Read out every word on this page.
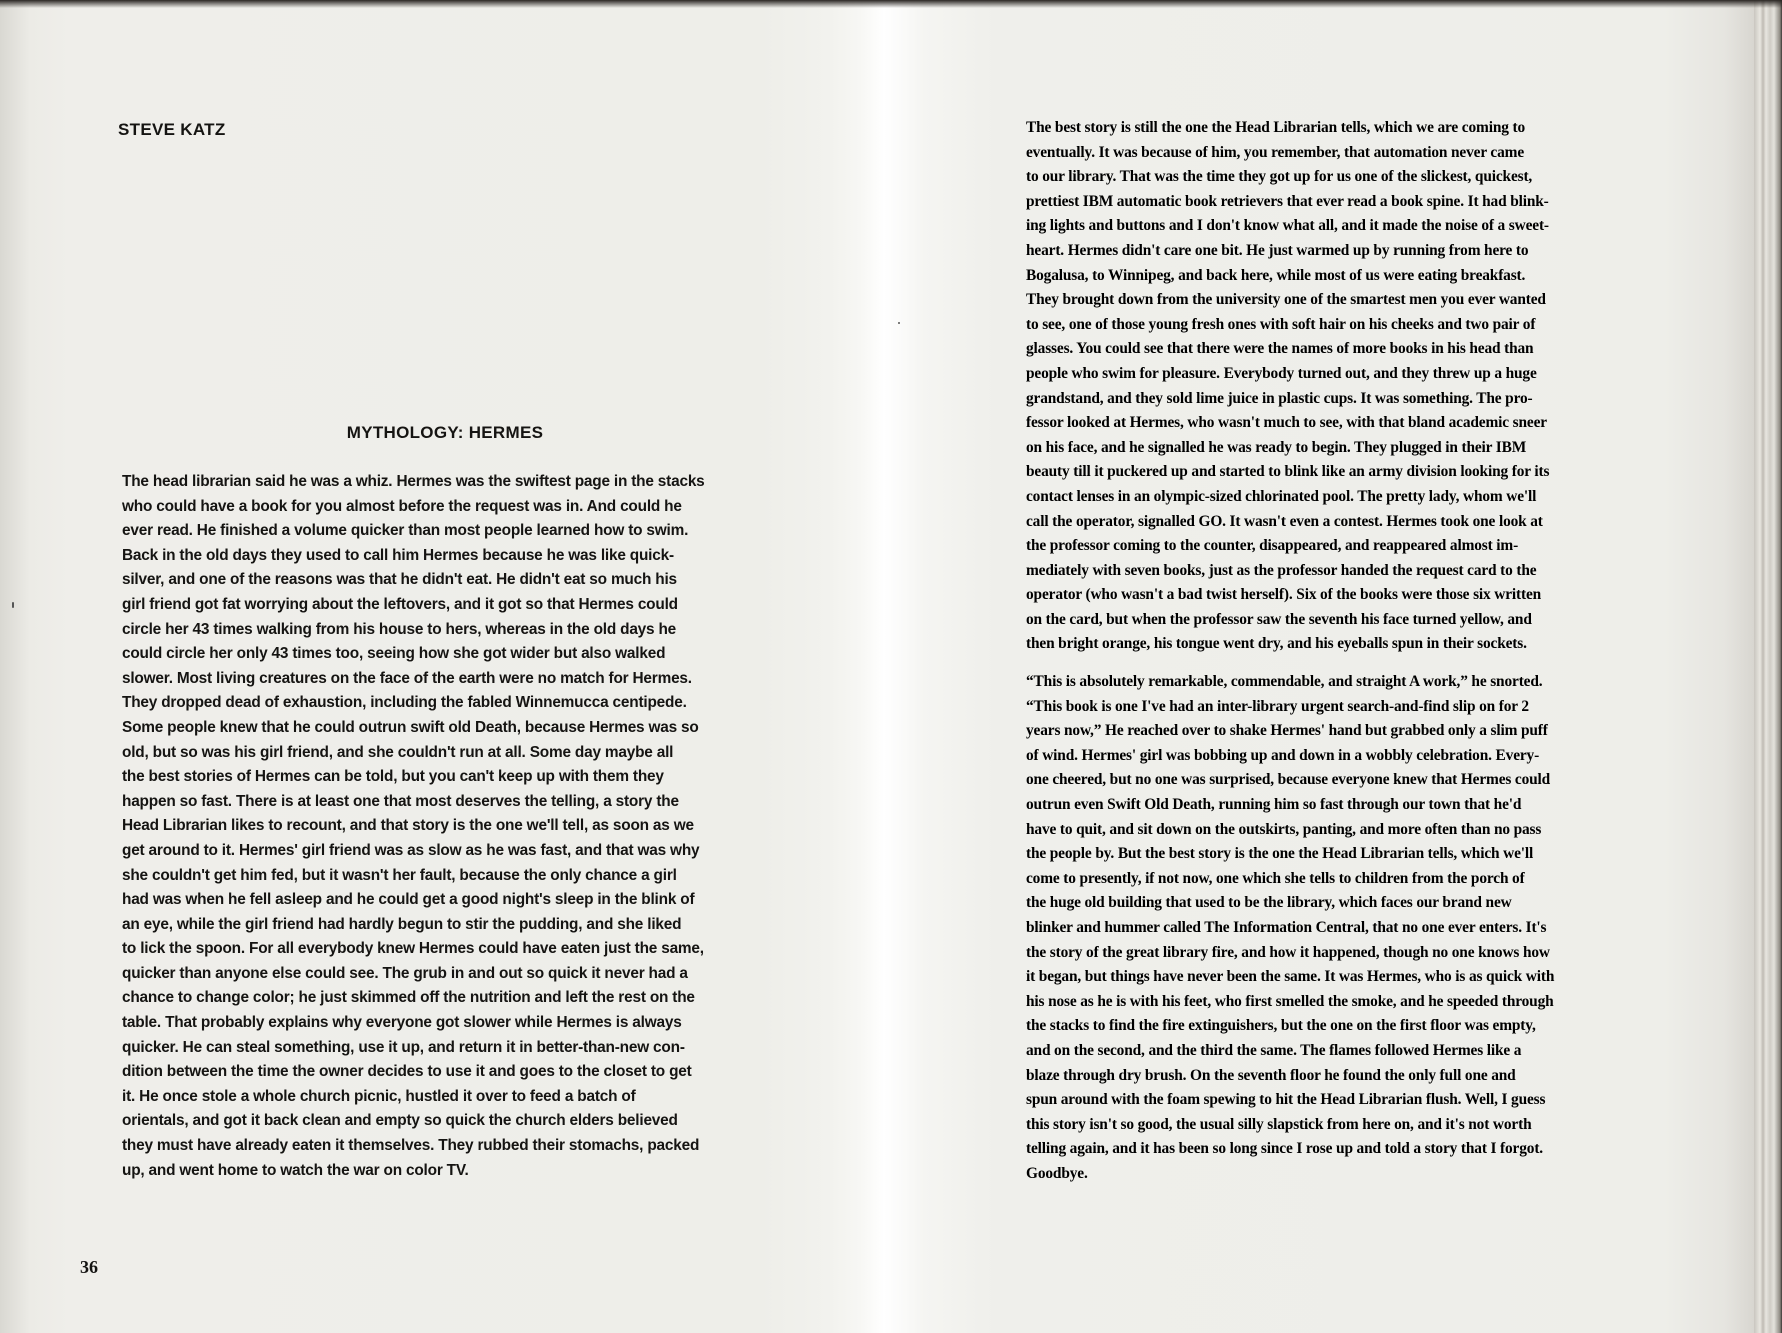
STEVE KATZ
MYTHOLOGY: HERMES
The head librarian said he was a whiz. Hermes was the swiftest page in the stacks
who could have a book for you almost before the request was in. And could he
ever read. He finished a volume quicker than most people learned how to swim.
Back in the old days they used to call him Hermes because he was like quick-
silver, and one of the reasons was that he didn't eat. He didn't eat so much his
girl friend got fat worrying about the leftovers, and it got so that Hermes could
circle her 43 times walking from his house to hers, whereas in the old days he
could circle her only 43 times too, seeing how she got wider but also walked
slower. Most living creatures on the face of the earth were no match for Hermes.
They dropped dead of exhaustion, including the fabled Winnemucca centipede.
Some people knew that he could outrun swift old Death, because Hermes was so
old, but so was his girl friend, and she couldn't run at all. Some day maybe all
the best stories of Hermes can be told, but you can't keep up with them they
happen so fast. There is at least one that most deserves the telling, a story the
Head Librarian likes to recount, and that story is the one we'll tell, as soon as we
get around to it. Hermes' girl friend was as slow as he was fast, and that was why
she couldn't get him fed, but it wasn't her fault, because the only chance a girl
had was when he fell asleep and he could get a good night's sleep in the blink of
an eye, while the girl friend had hardly begun to stir the pudding, and she liked
to lick the spoon. For all everybody knew Hermes could have eaten just the same,
quicker than anyone else could see. The grub in and out so quick it never had a
chance to change color; he just skimmed off the nutrition and left the rest on the
table. That probably explains why everyone got slower while Hermes is always
quicker. He can steal something, use it up, and return it in better-than-new con-
dition between the time the owner decides to use it and goes to the closet to get
it. He once stole a whole church picnic, hustled it over to feed a batch of
orientals, and got it back clean and empty so quick the church elders believed
they must have already eaten it themselves. They rubbed their stomachs, packed
up, and went home to watch the war on color TV.
36
The best story is still the one the Head Librarian tells, which we are coming to
eventually. It was because of him, you remember, that automation never came
to our library. That was the time they got up for us one of the slickest, quickest,
prettiest IBM automatic book retrievers that ever read a book spine. It had blink-
ing lights and buttons and I don't know what all, and it made the noise of a sweet-
heart. Hermes didn't care one bit. He just warmed up by running from here to
Bogalusa, to Winnipeg, and back here, while most of us were eating breakfast.
They brought down from the university one of the smartest men you ever wanted
to see, one of those young fresh ones with soft hair on his cheeks and two pair of
glasses. You could see that there were the names of more books in his head than
people who swim for pleasure. Everybody turned out, and they threw up a huge
grandstand, and they sold lime juice in plastic cups. It was something. The pro-
fessor looked at Hermes, who wasn't much to see, with that bland academic sneer
on his face, and he signalled he was ready to begin. They plugged in their IBM
beauty till it puckered up and started to blink like an army division looking for its
contact lenses in an olympic-sized chlorinated pool. The pretty lady, whom we'll
call the operator, signalled GO. It wasn't even a contest. Hermes took one look at
the professor coming to the counter, disappeared, and reappeared almost im-
mediately with seven books, just as the professor handed the request card to the
operator (who wasn't a bad twist herself). Six of the books were those six written
on the card, but when the professor saw the seventh his face turned yellow, and
then bright orange, his tongue went dry, and his eyeballs spun in their sockets.
“This is absolutely remarkable, commendable, and straight A work,” he snorted.
“This book is one I've had an inter-library urgent search-and-find slip on for 2
years now,” He reached over to shake Hermes' hand but grabbed only a slim puff
of wind. Hermes' girl was bobbing up and down in a wobbly celebration. Every-
one cheered, but no one was surprised, because everyone knew that Hermes could
outrun even Swift Old Death, running him so fast through our town that he'd
have to quit, and sit down on the outskirts, panting, and more often than no pass
the people by. But the best story is the one the Head Librarian tells, which we'll
come to presently, if not now, one which she tells to children from the porch of
the huge old building that used to be the library, which faces our brand new
blinker and hummer called The Information Central, that no one ever enters. It's
the story of the great library fire, and how it happened, though no one knows how
it began, but things have never been the same. It was Hermes, who is as quick with
his nose as he is with his feet, who first smelled the smoke, and he speeded through
the stacks to find the fire extinguishers, but the one on the first floor was empty,
and on the second, and the third the same. The flames followed Hermes like a
blaze through dry brush. On the seventh floor he found the only full one and
spun around with the foam spewing to hit the Head Librarian flush. Well, I guess
this story isn't so good, the usual silly slapstick from here on, and it's not worth
telling again, and it has been so long since I rose up and told a story that I forgot.
Goodbye.
